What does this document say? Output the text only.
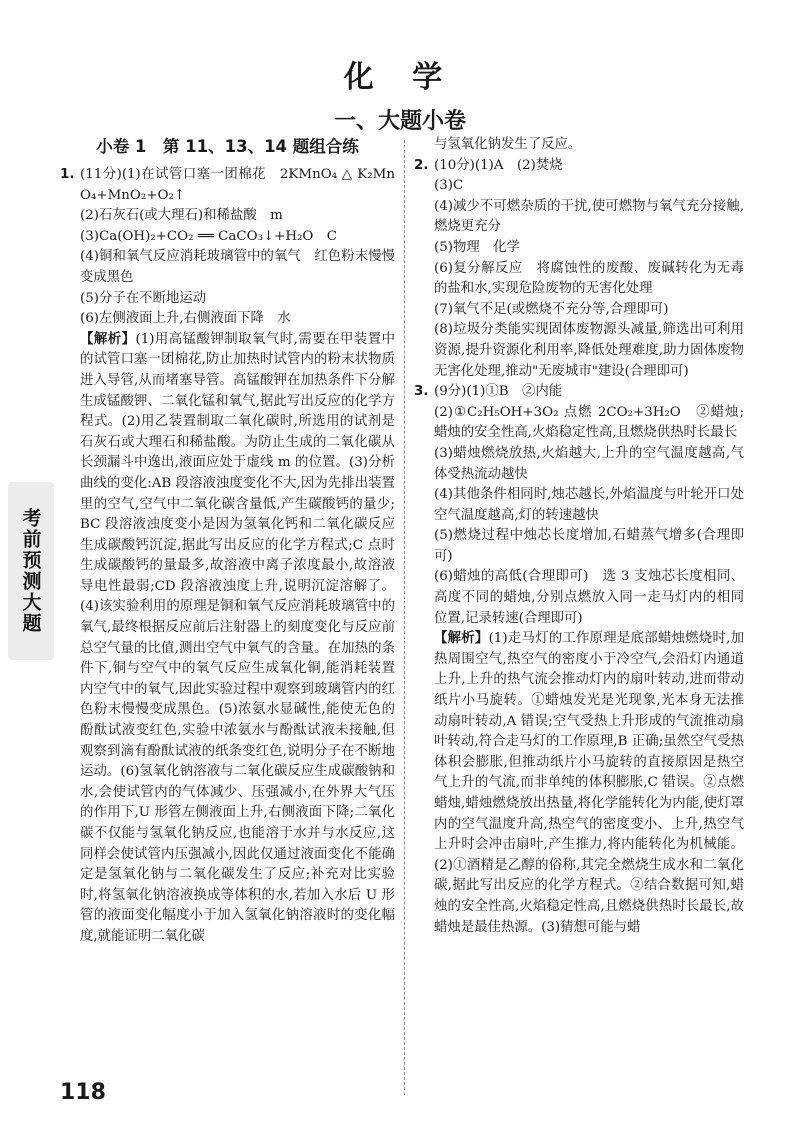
化 学
一、大题小卷
考前预测大题
小卷 1　第 11、13、14 题组合练
1. (11分)(1)在试管口塞一团棉花　2KMnO₄ △ K₂MnO₄+MnO₂+O₂↑

(2)石灰石(或大理石)和稀盐酸　m

(3)Ca(OH)₂+CO₂ ══ CaCO₃↓+H₂O　C

(4)铜和氧气反应消耗玻璃管中的氧气　红色粉末慢慢变成黑色

(5)分子在不断地运动

(6)左侧液面上升,右侧液面下降　水

【解析】(1)用高锰酸钾制取氧气时,需要在甲装置中的试管口塞一团棉花,防止加热时试管内的粉末状物质进入导管,从而堵塞导管。高锰酸钾在加热条件下分解生成锰酸钾、二氧化锰和氧气,据此写出反应的化学方程式。(2)用乙装置制取二氧化碳时,所选用的试剂是石灰石或大理石和稀盐酸。为防止生成的二氧化碳从长颈漏斗中逸出,液面应处于虚线 m 的位置。(3)分析曲线的变化:AB 段溶液浊度变化不大,因为先排出装置里的空气,空气中二氧化碳含量低,产生碳酸钙的量少;BC 段溶液浊度变小是因为氢氧化钙和二氧化碳反应生成碳酸钙沉淀,据此写出反应的化学方程式;C 点时生成碳酸钙的量最多,故溶液中离子浓度最小,故溶液导电性最弱;CD 段溶液浊度上升,说明沉淀溶解了。(4)该实验利用的原理是铜和氧气反应消耗玻璃管中的氧气,最终根据反应前后注射器上的刻度变化与反应前总空气量的比值,测出空气中氧气的含量。在加热的条件下,铜与空气中的氧气反应生成氧化铜,能消耗装置内空气中的氧气,因此实验过程中观察到玻璃管内的红色粉末慢慢变成黑色。(5)浓氨水显碱性,能使无色的酚酞试液变红色,实验中浓氨水与酚酞试液未接触,但观察到滴有酚酞试液的纸条变红色,说明分子在不断地运动。(6)氢氧化钠溶液与二氧化碳反应生成碳酸钠和水,会使试管内的气体减少、压强减小,在外界大气压的作用下,U 形管左侧液面上升,右侧液面下降;二氧化碳不仅能与氢氧化钠反应,也能溶于水并与水反应,这同样会使试管内压强减小,因此仅通过液面变化不能确定是氢氧化钠与二氧化碳发生了反应;补充对比实验时,将氢氧化钠溶液换成等体积的水,若加入水后 U 形管的液面变化幅度小于加入氢氧化钠溶液时的变化幅度,就能证明二氧化碳

与氢氧化钠发生了反应。

2. (10分)(1)A　(2)焚烧

(3)C

(4)减少不可燃杂质的干扰,使可燃物与氧气充分接触,燃烧更充分

(5)物理　化学

(6)复分解反应　将腐蚀性的废酸、废碱转化为无毒的盐和水,实现危险废物的无害化处理

(7)氧气不足(或燃烧不充分等,合理即可)

(8)垃圾分类能实现固体废物源头减量,筛选出可利用资源,提升资源化利用率,降低处理难度,助力固体废物无害化处理,推动"无废城市"建设(合理即可)

3. (9分)(1)①B　②内能

(2)①C₂H₅OH+3O₂ 点燃 2CO₂+3H₂O　②蜡烛;蜡烛的安全性高,火焰稳定性高,且燃烧供热时长最长

(3)蜡烛燃烧放热,火焰越大,上升的空气温度越高,气体受热流动越快

(4)其他条件相同时,烛芯越长,外焰温度与叶轮开口处空气温度越高,灯的转速越快

(5)燃烧过程中烛芯长度增加,石蜡蒸气增多(合理即可)

(6)蜡烛的高低(合理即可)　选 3 支烛芯长度相同、高度不同的蜡烛,分别点燃放入同一走马灯内的相同位置,记录转速(合理即可)

【解析】(1)走马灯的工作原理是底部蜡烛燃烧时,加热周围空气,热空气的密度小于冷空气,会沿灯内通道上升,上升的热气流会推动灯内的扇叶转动,进而带动纸片小马旋转。①蜡烛发光是光现象,光本身无法推动扇叶转动,A 错误;空气受热上升形成的气流推动扇叶转动,符合走马灯的工作原理,B 正确;虽然空气受热体积会膨胀,但推动纸片小马旋转的直接原因是热空气上升的气流,而非单纯的体积膨胀,C 错误。②点燃蜡烛,蜡烛燃烧放出热量,将化学能转化为内能,使灯罩内的空气温度升高,热空气的密度变小、上升,热空气上升时会冲击扇叶,产生推力,将内能转化为机械能。(2)①酒精是乙醇的俗称,其完全燃烧生成水和二氧化碳,据此写出反应的化学方程式。②结合数据可知,蜡烛的安全性高,火焰稳定性高,且燃烧供热时长最长,故蜡烛是最佳热源。(3)猜想可能与蜡

118
